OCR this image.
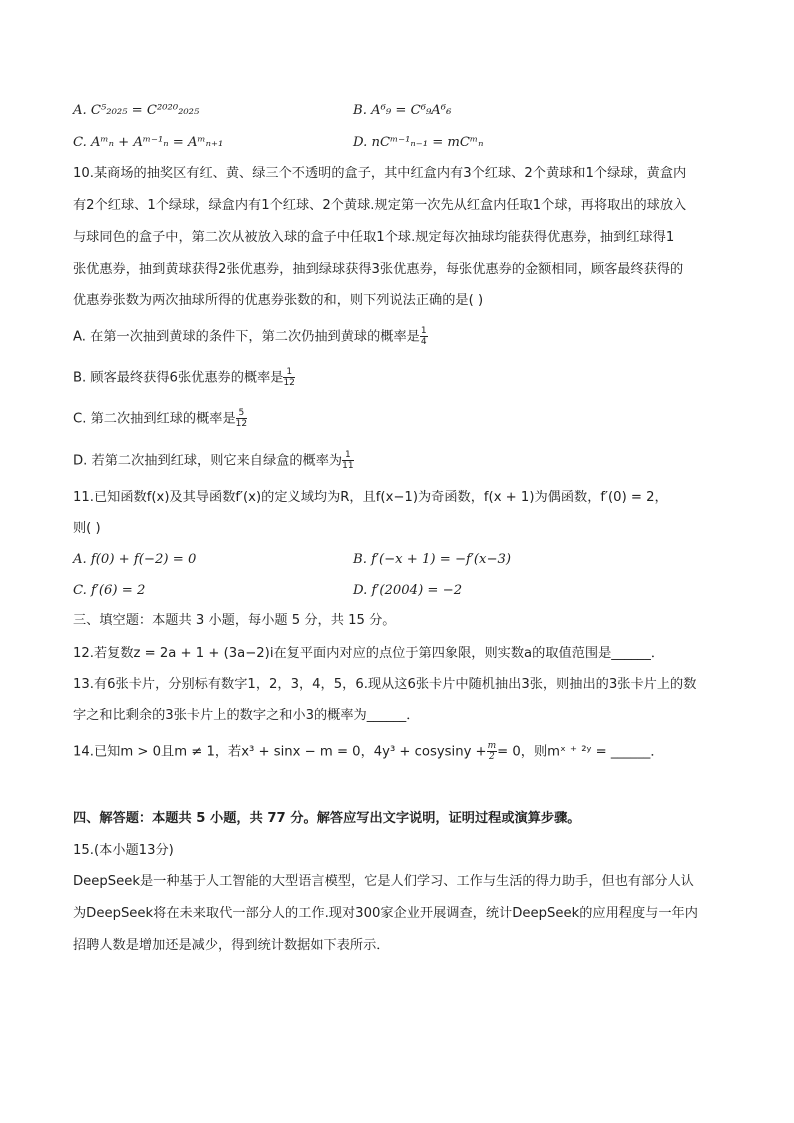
A. C⁵₂₀₂₅ = C²⁰²⁰₂₀₂₅	B. A⁶₉ = C⁶₉A⁶₆
C. Aᵐₙ + Aᵐ⁻¹ₙ = Aᵐₙ₊₁	D. nCᵐ⁻¹ₙ₋₁ = mCᵐₙ
10.某商场的抽奖区有红、黄、绿三个不透明的盒子，其中红盒内有3个红球、2个黄球和1个绿球，黄盒内
有2个红球、1个绿球，绿盒内有1个红球、2个黄球.规定第一次先从红盒内任取1个球，再将取出的球放入
与球同色的盒子中，第二次从被放入球的盒子中任取1个球.规定每次抽球均能获得优惠券，抽到红球得1
张优惠券，抽到黄球获得2张优惠券，抽到绿球获得3张优惠券，每张优惠券的金额相同，顾客最终获得的
优惠券张数为两次抽球所得的优惠券张数的和，则下列说法正确的是( )
A. 在第一次抽到黄球的条件下，第二次仍抽到黄球的概率是 $\frac{1}{4}$
B. 顾客最终获得6张优惠券的概率是 $\frac{1}{12}$
C. 第二次抽到红球的概率是 $\frac{5}{12}$
D. 若第二次抽到红球，则它来自绿盒的概率为 $\frac{1}{11}$
11.已知函数f(x)及其导函数f′(x)的定义域均为R，且f(x−1)为奇函数，f(x + 1)为偶函数，f′(0) = 2，
则( )
A. f(0) + f(−2) = 0	B. f′(−x + 1) = −f′(x−3)
C. f′(6) = 2	D. f′(2004) = −2
三、填空题：本题共 3 小题，每小题 5 分，共 15 分。
12.若复数z = 2a + 1 + (3a−2)i在复平面内对应的点位于第四象限，则实数a的取值范围是______．
13.有6张卡片，分别标有数字1，2，3，4，5，6.现从这6张卡片中随机抽出3张，则抽出的3张卡片上的数
字之和比剩余的3张卡片上的数字之和小3的概率为______．
14.已知m > 0且m ≠ 1，若x³ + sinx − m = 0，4y³ + cosysiny + $\frac{m}{2} = 0$，则mˣ ⁺ ²ʸ = ______．
四、解答题：本题共 5 小题，共 77 分。解答应写出文字说明，证明过程或演算步骤。
15.(本小题13分)
DeepSeek是一种基于人工智能的大型语言模型，它是人们学习、工作与生活的得力助手，但也有部分人认
为DeepSeek将在未来取代一部分人的工作.现对300家企业开展调查，统计DeepSeek的应用程度与一年内
招聘人数是增加还是减少，得到统计数据如下表所示．
